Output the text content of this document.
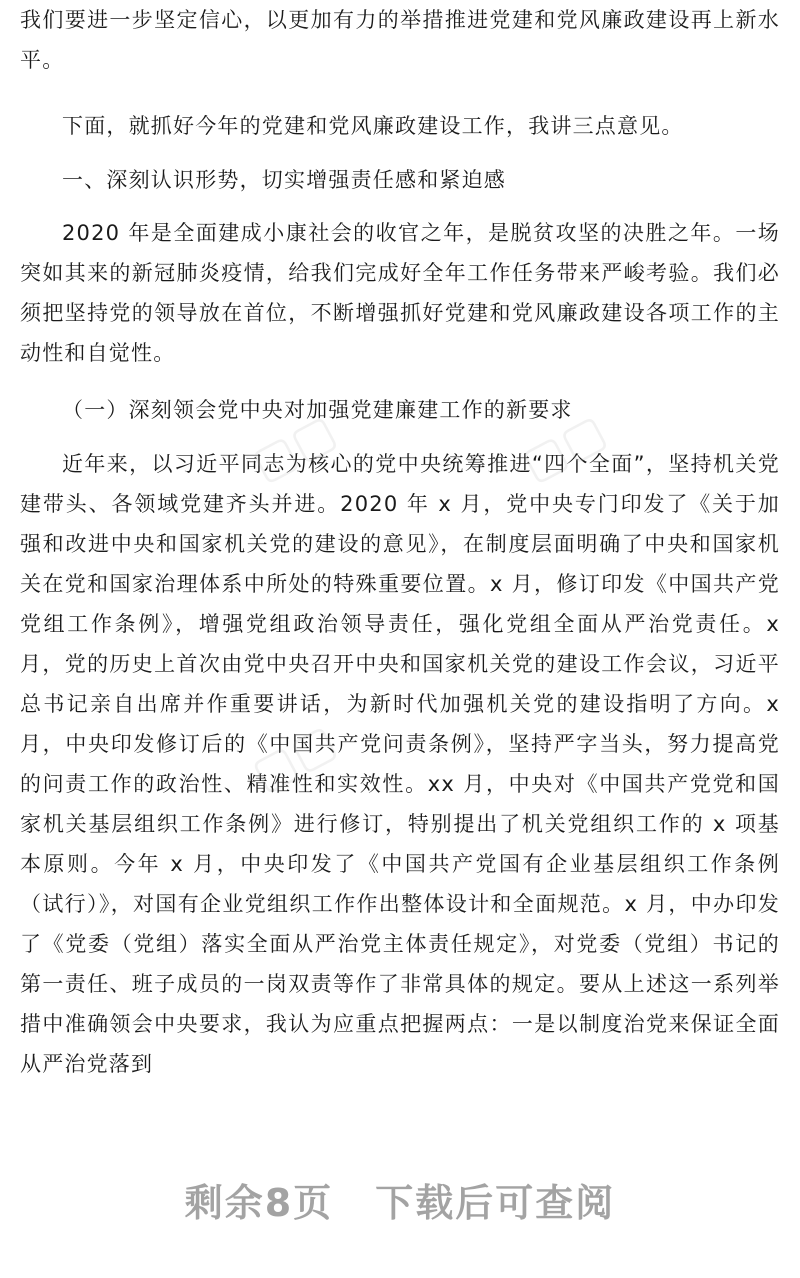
我们要进一步坚定信心，以更加有力的举措推进党建和党风廉政建设再上新水平。

下面，就抓好今年的党建和党风廉政建设工作，我讲三点意见。

一、深刻认识形势，切实增强责任感和紧迫感

2020 年是全面建成小康社会的收官之年，是脱贫攻坚的决胜之年。一场突如其来的新冠肺炎疫情，给我们完成好全年工作任务带来严峻考验。我们必须把坚持党的领导放在首位，不断增强抓好党建和党风廉政建设各项工作的主动性和自觉性。

（一）深刻领会党中央对加强党建廉建工作的新要求

近年来，以习近平同志为核心的党中央统筹推进“四个全面”，坚持机关党建带头、各领域党建齐头并进。2020 年 x 月，党中央专门印发了《关于加强和改进中央和国家机关党的建设的意见》，在制度层面明确了中央和国家机关在党和国家治理体系中所处的特殊重要位置。x 月，修订印发《中国共产党党组工作条例》，增强党组政治领导责任，强化党组全面从严治党责任。x 月，党的历史上首次由党中央召开中央和国家机关党的建设工作会议，习近平总书记亲自出席并作重要讲话，为新时代加强机关党的建设指明了方向。x 月，中央印发修订后的《中国共产党问责条例》，坚持严字当头，努力提高党的问责工作的政治性、精准性和实效性。xx 月，中央对《中国共产党党和国家机关基层组织工作条例》进行修订，特别提出了机关党组织工作的 x 项基本原则。今年 x 月，中央印发了《中国共产党国有企业基层组织工作条例（试行）》，对国有企业党组织工作作出整体设计和全面规范。x 月，中办印发了《党委（党组）落实全面从严治党主体责任规定》，对党委（党组）书记的第一责任、班子成员的一岗双责等作了非常具体的规定。要从上述这一系列举措中准确领会中央要求，我认为应重点把握两点：一是以制度治党来保证全面从严治党落到

▢▢	▢▢
▢▢
剩余8页 下载后可查阅
